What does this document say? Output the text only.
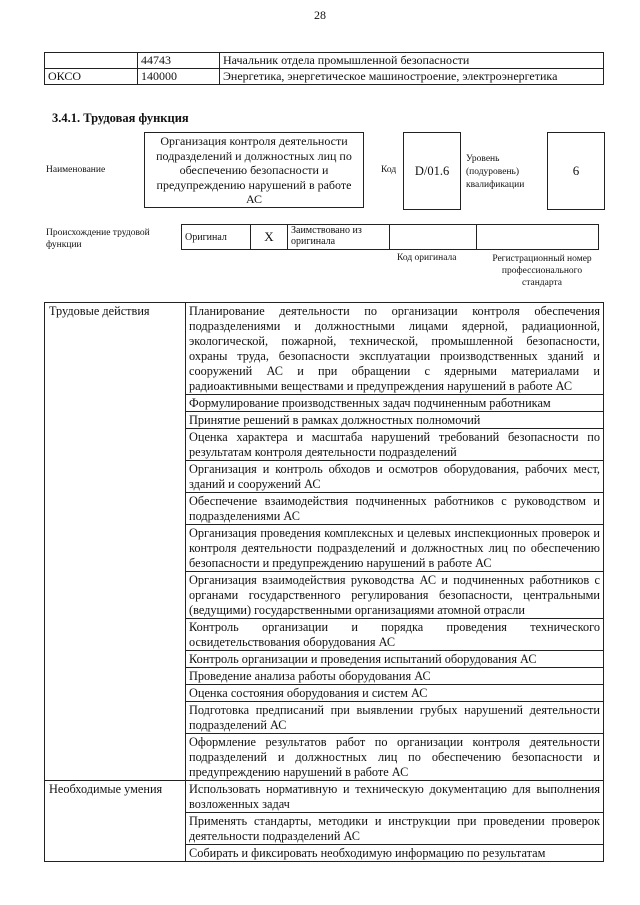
28
	44743	Начальник отдела промышленной безопасности
ОКСО	140000	Энергетика, энергетическое машиностроение, электроэнергетика
3.4.1. Трудовая функция
Наименование
Организация контроля деятельности подразделений и должностных лиц по обеспечению безопасности и предупреждению нарушений в работе АС
Код	D/01.6
Уровень (подуровень) квалификации
6
Происхождение трудовой функции
Оригинал	X	Заимствовано из оригинала		
Код оригинала	Регистрационный номер профессионального стандарта
Трудовые действия	Планирование деятельности по организации контроля обеспечения подразделениями и должностными лицами ядерной, радиационной, экологической, пожарной, технической, промышленной безопасности, охраны труда, безопасности эксплуатации производственных зданий и сооружений АС и при обращении с ядерными материалами и радиоактивными веществами и предупреждения нарушений в работе АС
	Формулирование производственных задач подчиненным работникам
	Принятие решений в рамках должностных полномочий
	Оценка характера и масштаба нарушений требований безопасности по результатам контроля деятельности подразделений
	Организация и контроль обходов и осмотров оборудования, рабочих мест, зданий и сооружений АС
	Обеспечение взаимодействия подчиненных работников с руководством и подразделениями АС
	Организация проведения комплексных и целевых инспекционных проверок и контроля деятельности подразделений и должностных лиц по обеспечению безопасности и предупреждению нарушений в работе АС
	Организация взаимодействия руководства АС и подчиненных работников с органами государственного регулирования безопасности, центральными (ведущими) государственными организациями атомной отрасли
	Контроль организации и порядка проведения технического освидетельствования оборудования АС
	Контроль организации и проведения испытаний оборудования АС
	Проведение анализа работы оборудования АС
	Оценка состояния оборудования и систем АС
	Подготовка предписаний при выявлении грубых нарушений деятельности подразделений АС
	Оформление результатов работ по организации контроля деятельности подразделений и должностных лиц по обеспечению безопасности и предупреждению нарушений в работе АС
Необходимые умения	Использовать нормативную и техническую документацию для выполнения возложенных задач
	Применять стандарты, методики и инструкции при проведении проверок деятельности подразделений АС
	Собирать и фиксировать необходимую информацию по результатам
